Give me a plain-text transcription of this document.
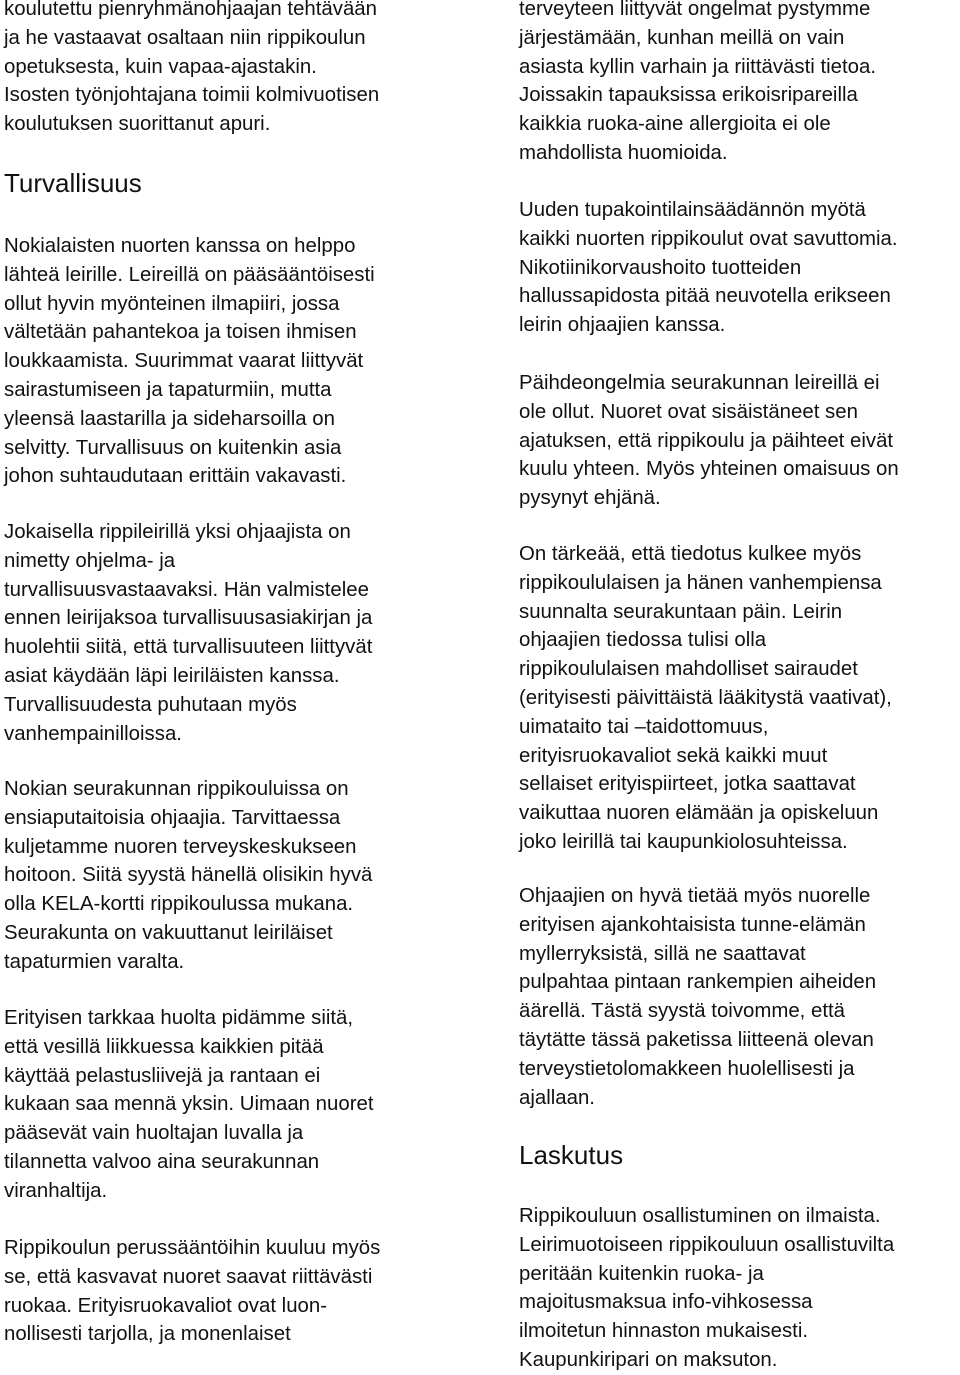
koulutettu pienryhmänohjaajan tehtävään
ja he vastaavat osaltaan niin rippikoulun
opetuksesta, kuin vapaa-ajastakin.
Isosten työnjohtajana toimii kolmivuotisen
koulutuksen suorittanut apuri.

Turvallisuus

Nokialaisten nuorten kanssa on helppo
lähteä leirille. Leireillä on pääsääntöisesti
ollut hyvin myönteinen ilmapiiri, jossa
vältetään pahantekoa ja toisen ihmisen
loukkaamista. Suurimmat vaarat liittyvät
sairastumiseen ja tapaturmiin, mutta
yleensä laastarilla ja sideharsoilla on
selvitty. Turvallisuus on kuitenkin asia
johon suhtaudutaan erittäin vakavasti.

Jokaisella rippileirillä yksi ohjaajista on
nimetty ohjelma- ja
turvallisuusvastaavaksi. Hän valmistelee
ennen leirijaksoa turvallisuusasiakirjan ja
huolehtii siitä, että turvallisuuteen liittyvät
asiat käydään läpi leiriläisten kanssa.
Turvallisuudesta puhutaan myös
vanhempainilloissa.

Nokian seurakunnan rippikouluissa on
ensiaputaitoisia ohjaajia. Tarvittaessa
kuljetamme nuoren terveyskeskukseen
hoitoon. Siitä syystä hänellä olisikin hyvä
olla KELA-kortti rippikoulussa mukana.
Seurakunta on vakuuttanut leiriläiset
tapaturmien varalta.

Erityisen tarkkaa huolta pidämme siitä,
että vesillä liikkuessa kaikkien pitää
käyttää pelastusliivejä ja rantaan ei
kukaan saa mennä yksin. Uimaan nuoret
pääsevät vain huoltajan luvalla ja
tilannetta valvoo aina seurakunnan
viranhaltija.

Rippikoulun perussääntöihin kuuluu myös
se, että kasvavat nuoret saavat riittävästi
ruokaa. Erityisruokavaliot ovat luon-
nollisesti tarjolla, ja monenlaiset

terveyteen liittyvät ongelmat pystymme
järjestämään, kunhan meillä on vain
asiasta kyllin varhain ja riittävästi tietoa.
Joissakin tapauksissa erikoisripareilla
kaikkia ruoka-aine allergioita ei ole
mahdollista huomioida.

Uuden tupakointilainsäädännön myötä
kaikki nuorten rippikoulut ovat savuttomia.
Nikotiinikorvaushoito tuotteiden
hallussapidosta pitää neuvotella erikseen
leirin ohjaajien kanssa.

Päihdeongelmia seurakunnan leireillä ei
ole ollut. Nuoret ovat sisäistäneet sen
ajatuksen, että rippikoulu ja päihteet eivät
kuulu yhteen. Myös yhteinen omaisuus on
pysynyt ehjänä.

On tärkeää, että tiedotus kulkee myös
rippikoululaisen ja hänen vanhempiensa
suunnalta seurakuntaan päin. Leirin
ohjaajien tiedossa tulisi olla
rippikoululaisen mahdolliset sairaudet
(erityisesti päivittäistä lääkitystä vaativat),
uimataito tai –taidottomuus,
erityisruokavaliot sekä kaikki muut
sellaiset erityispiirteet, jotka saattavat
vaikuttaa nuoren elämään ja opiskeluun
joko leirillä tai kaupunkiolosuhteissa.

Ohjaajien on hyvä tietää myös nuorelle
erityisen ajankohtaisista tunne-elämän
myllerryksistä, sillä ne saattavat
pulpahtaa pintaan rankempien aiheiden
äärellä. Tästä syystä toivomme, että
täytätte tässä paketissa liitteenä olevan
terveystietolomakkeen huolellisesti ja
ajallaan.

Laskutus

Rippikouluun osallistuminen on ilmaista.
Leirimuotoiseen rippikouluun osallistuvilta
peritään kuitenkin ruoka- ja
majoitusmaksua info-vihkosessa
ilmoitetun hinnaston mukaisesti.
Kaupunkiripari on maksuton.
